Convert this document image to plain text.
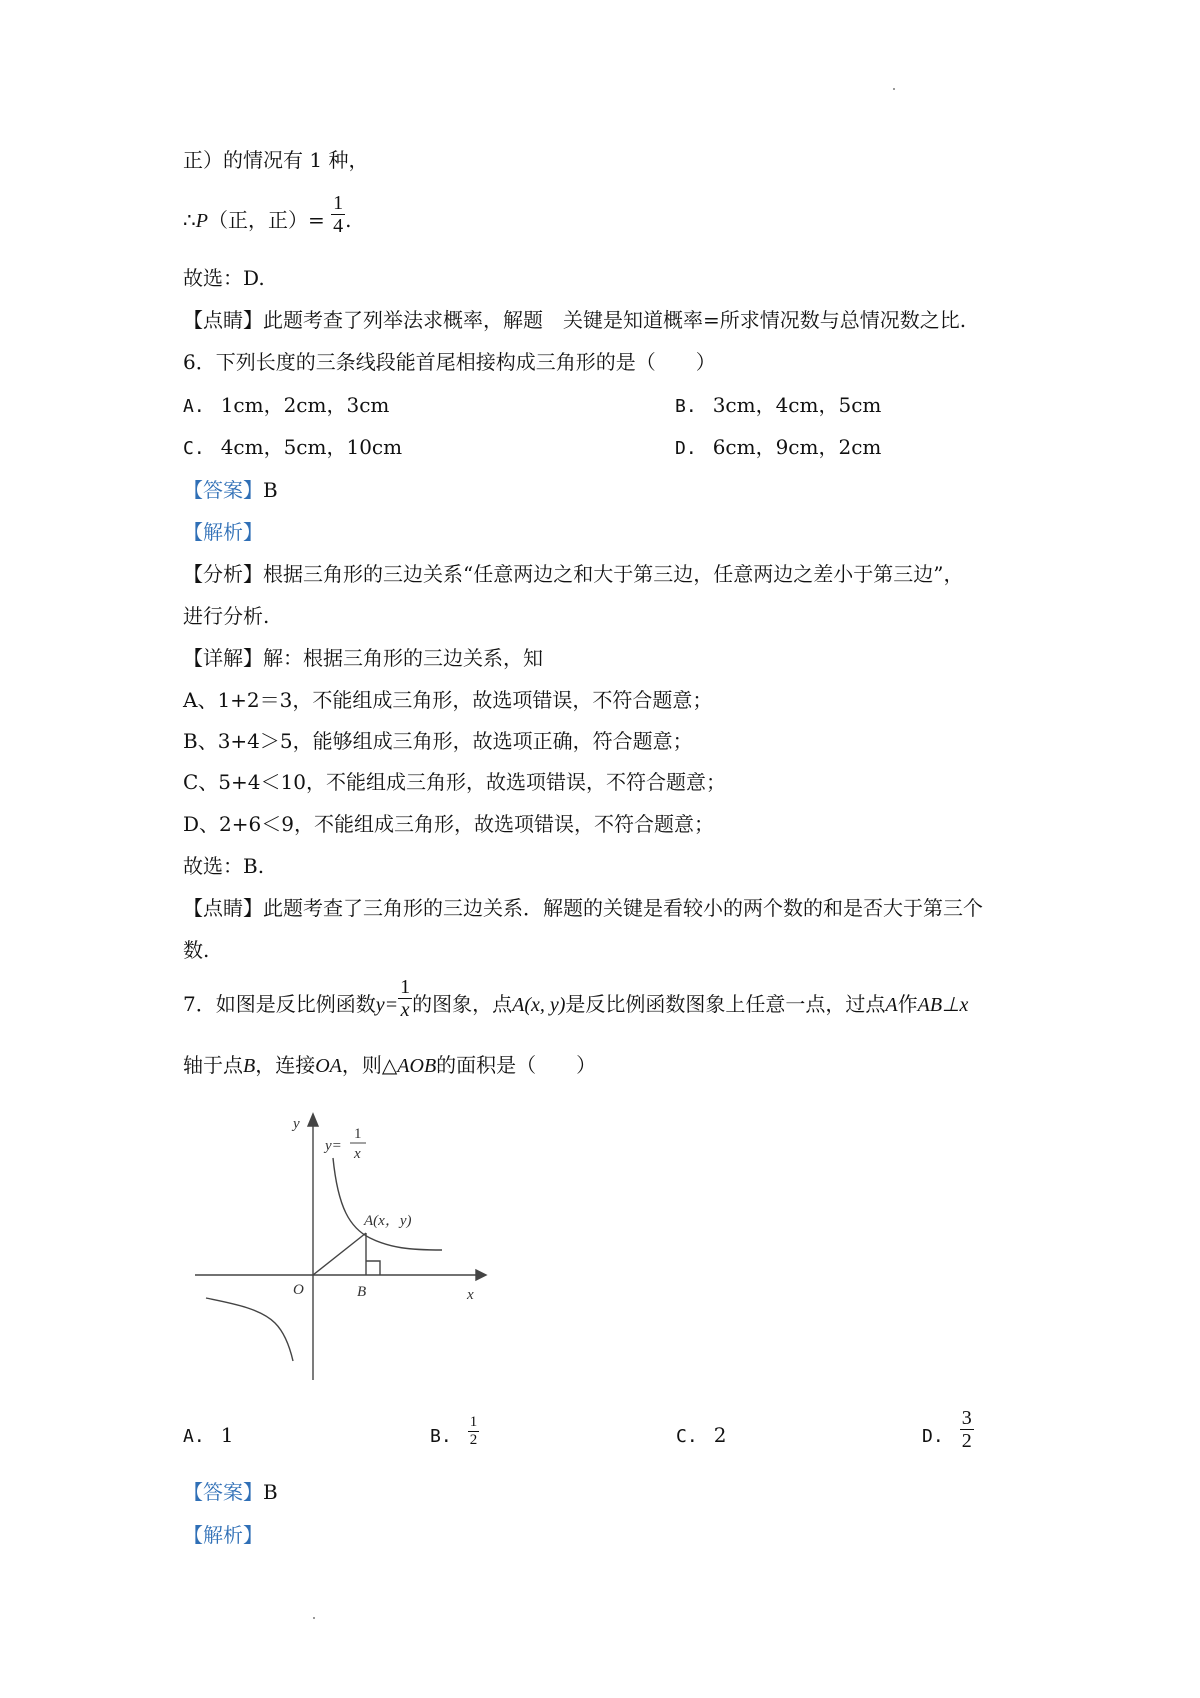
正）的情况有 1 种，
∴P（正，正）= $\frac{1}{4}$ .
故选：D.
【点睛】此题考查了列举法求概率，解题　关键是知道概率=所求情况数与总情况数之比.
6．下列长度的三条线段能首尾相接构成三角形的是（　　）
A. 1cm，2cm，3cm	B. 3cm，4cm，5cm
C. 4cm，5cm，10cm	D. 6cm，9cm，2cm
【答案】B
【解析】
【分析】根据三角形的三边关系“任意两边之和大于第三边，任意两边之差小于第三边”，
进行分析.
【详解】解：根据三角形的三边关系，知
A、1+2＝3，不能组成三角形，故选项错误，不符合题意；
B、3+4＞5，能够组成三角形，故选项正确，符合题意；
C、5+4＜10，不能组成三角形，故选项错误，不符合题意；
D、2+6＜9，不能组成三角形，故选项错误，不符合题意；
故选：B.
【点睛】此题考查了三角形的三边关系．解题的关键是看较小的两个数的和是否大于第三个
数.
7．如图是反比例函数$y= \frac{1}{x}$ 的图象，点A(x, y)是反比例函数图象上任意一点，过点A作AB⊥x
轴于点B，连接OA，则△AOB的面积是（　　）
y
y=
1
x
A(x，y)
O	B	x
A. 1	B. $\frac{1}{2}$	C. 2	D. $\frac{3}{2}$
【答案】B
【解析】
